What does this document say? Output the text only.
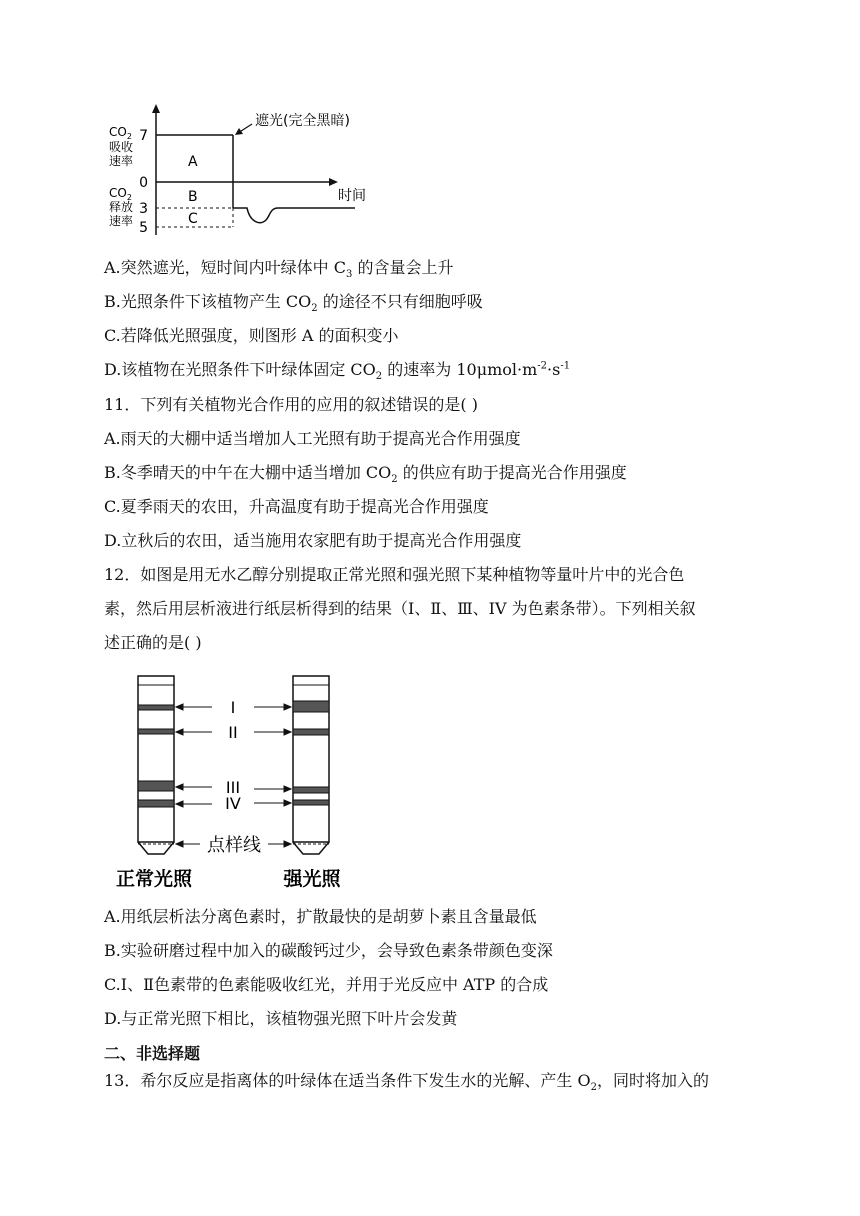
7
0
3
5
$CO_2$
吸收
速率
$CO_2$
释放
速率
A
B
C
时间
遮光(完全黑暗)
A.突然遮光，短时间内叶绿体中 $C_3$ 的含量会上升
B.光照条件下该植物产生 $CO_2$ 的途径不只有细胞呼吸
C.若降低光照强度，则图形 A 的面积变小
D.该植物在光照条件下叶绿体固定 $CO_2$ 的速率为 $10\mu mol\cdot m^{-2}\cdot s^{-1}$
11．下列有关植物光合作用的应用的叙述错误的是( )
A.雨天的大棚中适当增加人工光照有助于提高光合作用强度
B.冬季晴天的中午在大棚中适当增加 $CO_2$ 的供应有助于提高光合作用强度
C.夏季雨天的农田，升高温度有助于提高光合作用强度
D.立秋后的农田，适当施用农家肥有助于提高光合作用强度
12．如图是用无水乙醇分别提取正常光照和强光照下某种植物等量叶片中的光合色
素，然后用层析液进行纸层析得到的结果（I、Ⅱ、Ⅲ、IV 为色素条带）。下列相关叙
述正确的是( )
I
II
III
IV
点样线
正常光照	强光照
A.用纸层析法分离色素时，扩散最快的是胡萝卜素且含量最低
B.实验研磨过程中加入的碳酸钙过少，会导致色素条带颜色变深
C.I、Ⅱ色素带的色素能吸收红光，并用于光反应中 ATP 的合成
D.与正常光照下相比，该植物强光照下叶片会发黄
二、非选择题
13．希尔反应是指离体的叶绿体在适当条件下发生水的光解、产生 $O_2$，同时将加入的
